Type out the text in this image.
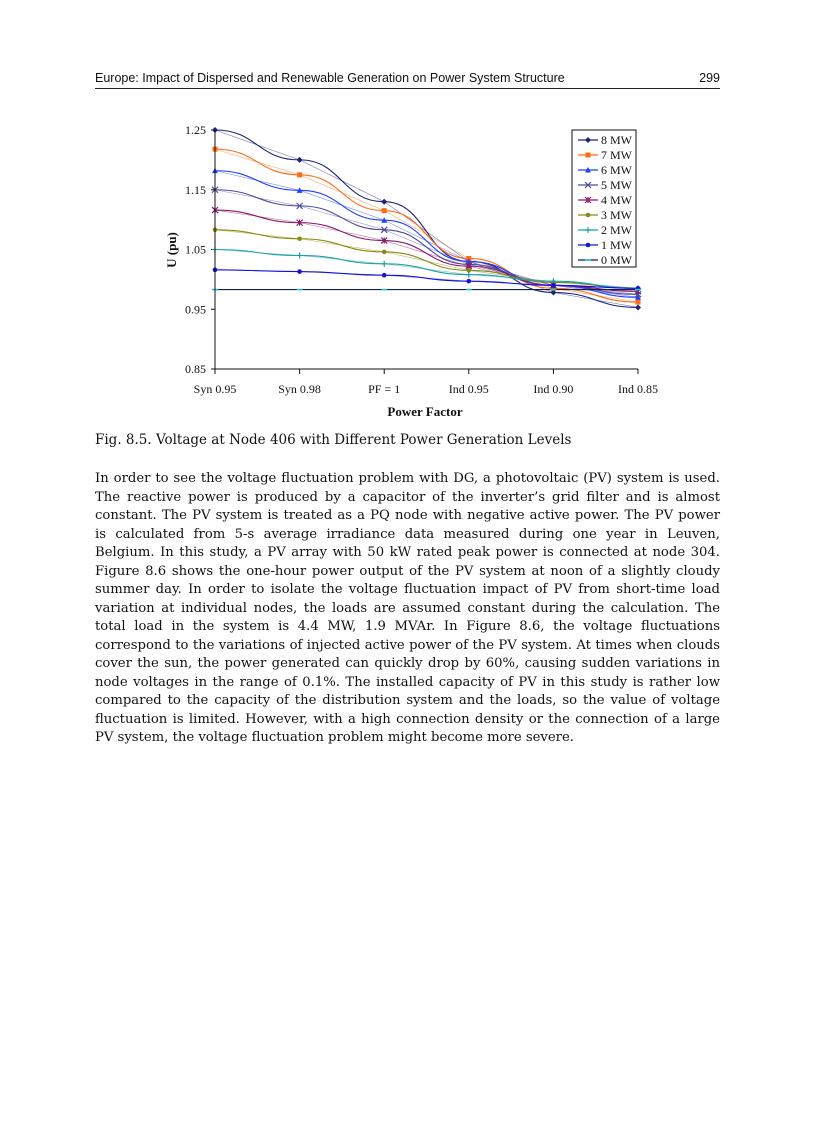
Europe: Impact of Dispersed and Renewable Generation on Power System Structure	299
0.85
0.95
1.05
1.15
1.25
Syn 0.95	Syn 0.98	PF = 1	Ind 0.95	Ind 0.90	Ind 0.85
8 MW
7 MW
6 MW
5 MW
4 MW
3 MW
2 MW
1 MW
0 MW
Power Factor
U (pu)
Fig. 8.5. Voltage at Node 406 with Different Power Generation Levels

In order to see the voltage fluctuation problem with DG, a photovoltaic (PV) system is used. The reactive power is produced by a capacitor of the inverter’s grid filter and is almost constant. The PV system is treated as a PQ node with negative active power. The PV power is calculated from 5-s average irradiance data measured during one year in Leuven, Belgium. In this study, a PV array with 50 kW rated peak power is connected at node 304. Figure 8.6 shows the one-hour power output of the PV system at noon of a slightly cloudy summer day. In order to isolate the voltage fluctuation impact of PV from short-time load variation at individual nodes, the loads are assumed constant during the calculation. The total load in the system is 4.4 MW, 1.9 MVAr. In Figure 8.6, the voltage fluctuations correspond to the variations of injected active power of the PV system. At times when clouds cover the sun, the power generated can quickly drop by 60%, causing sudden variations in node voltages in the range of 0.1%. The installed capacity of PV in this study is rather low compared to the capacity of the distribution system and the loads, so the value of voltage fluctuation is limited. However, with a high connection density or the connection of a large PV system, the voltage fluctuation problem might become more severe.
